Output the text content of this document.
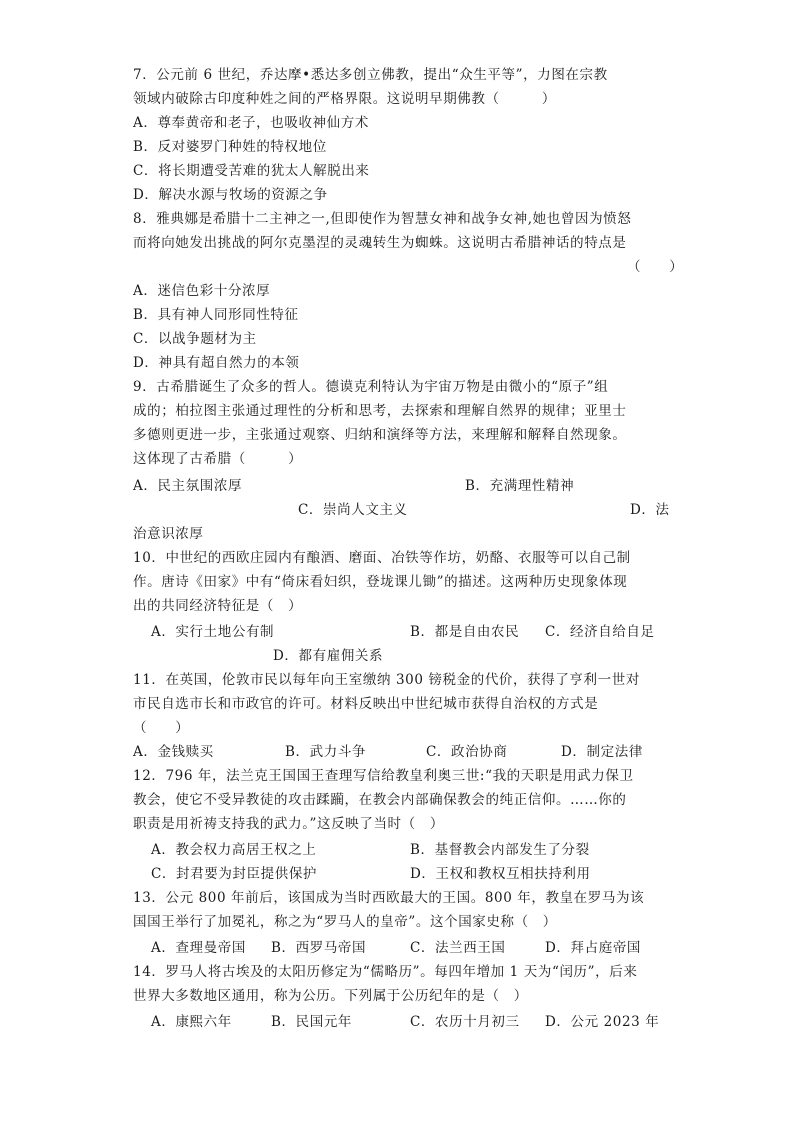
7．公元前 6 世纪，乔达摩•悉达多创立佛教，提出“众生平等”，力图在宗教
领域内破除古印度种姓之间的严格界限。这说明早期佛教（　　　）
A．尊奉黄帝和老子，也吸收神仙方术
B．反对婆罗门种姓的特权地位
C．将长期遭受苦难的犹太人解脱出来
D．解决水源与牧场的资源之争
8．雅典娜是希腊十二主神之一,但即使作为智慧女神和战争女神,她也曾因为愤怒
而将向她发出挑战的阿尔克墨涅的灵魂转生为蜘蛛。这说明古希腊神话的特点是
（　　）
A．迷信色彩十分浓厚
B．具有神人同形同性特征
C．以战争题材为主
D．神具有超自然力的本领
9．古希腊诞生了众多的哲人。德谟克利特认为宇宙万物是由微小的“原子”组
成的；柏拉图主张通过理性的分析和思考，去探索和理解自然界的规律；亚里士
多德则更进一步，主张通过观察、归纳和演绎等方法，来理解和解释自然现象。
这体现了古希腊（　　　）
A．民主氛围浓厚	B．充满理性精神
C．崇尚人文主义	D．法
治意识浓厚
10．中世纪的西欧庄园内有酿酒、磨面、冶铁等作坊，奶酪、衣服等可以自己制
作。唐诗《田家》中有“倚床看妇织，登垅课儿锄”的描述。这两种历史现象体现
出的共同经济特征是（　）
A．实行土地公有制	B．都是自由农民 C．经济自给自足
D．都有雇佣关系
11．在英国，伦敦市民以每年向王室缴纳 300 镑税金的代价，获得了亨利一世对
市民自选市长和市政官的许可。材料反映出中世纪城市获得自治权的方式是
（　　）
A．金钱赎买	B．武力斗争	C．政治协商	D．制定法律
12．796 年，法兰克王国国王查理写信给教皇利奥三世:“我的天职是用武力保卫
教会，使它不受异教徒的攻击蹂躏，在教会内部确保教会的纯正信仰。……你的
职责是用祈祷支持我的武力。”这反映了当时（　）
A．教会权力高居王权之上	B．基督教会内部发生了分裂
C．封君要为封臣提供保护	D．王权和教权互相扶持利用
13．公元 800 年前后，该国成为当时西欧最大的王国。800 年，教皇在罗马为该
国国王举行了加冕礼，称之为“罗马人的皇帝”。这个国家史称（　）
A．查理曼帝国 B．西罗马帝国	C．法兰西王国	D．拜占庭帝国
14．罗马人将古埃及的太阳历修定为“儒略历”。每四年增加 1 天为“闰历”，后来
世界大多数地区通用，称为公历。下列属于公历纪年的是（　）
A．康熙六年	B．民国元年	C．农历十月初三 D．公元 2023 年
